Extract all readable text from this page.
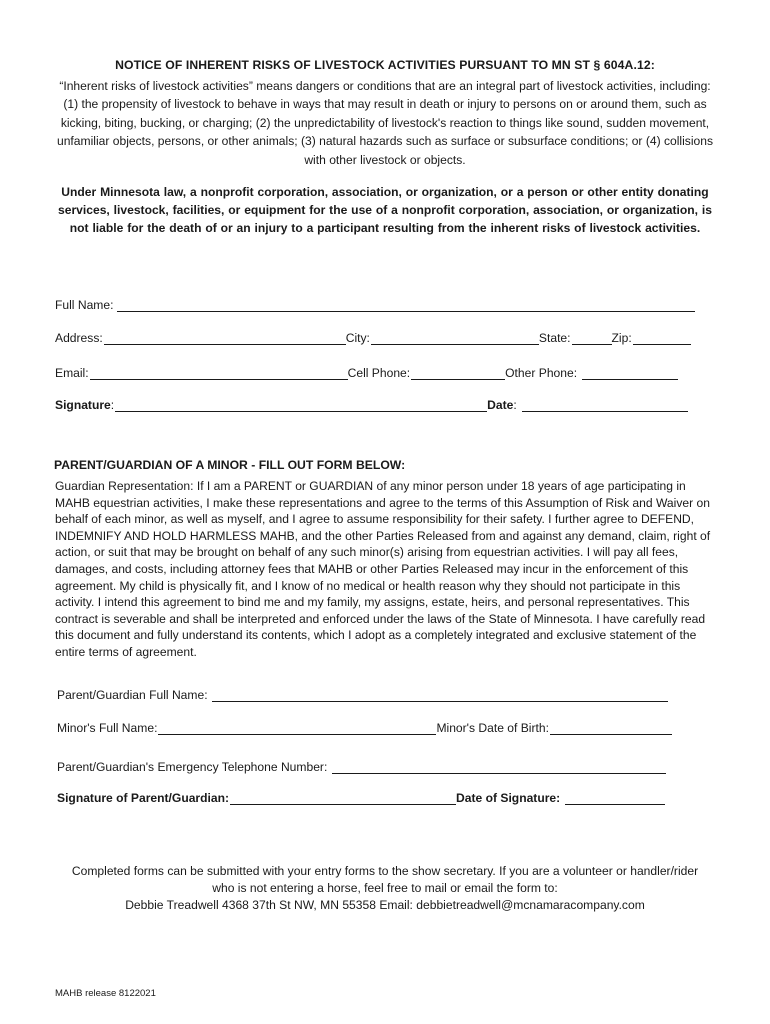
NOTICE OF INHERENT RISKS OF LIVESTOCK ACTIVITIES PURSUANT TO MN ST § 604A.12:
“Inherent risks of livestock activities” means dangers or conditions that are an integral part of livestock activities, including: (1) the propensity of livestock to behave in ways that may result in death or injury to persons on or around them, such as kicking, biting, bucking, or charging; (2) the unpredictability of livestock's reaction to things like sound, sudden movement, unfamiliar objects, persons, or other animals; (3) natural hazards such as surface or subsurface conditions; or (4) collisions with other livestock or objects.
Under Minnesota law, a nonprofit corporation, association, or organization, or a person or other entity donating services, livestock, facilities, or equipment for the use of a nonprofit corporation, association, or organization, is not liable for the death of or an injury to a participant resulting from the inherent risks of livestock activities.
Full Name:
Address:	City:	State:	Zip:
Email:	Cell Phone:	Other Phone:
Signature :	Date :
PARENT/GUARDIAN OF A MINOR - FILL OUT FORM BELOW:
Guardian Representation: If I am a PARENT or GUARDIAN of any minor person under 18 years of age participating in MAHB equestrian activities, I make these representations and agree to the terms of this Assumption of Risk and Waiver on behalf of each minor, as well as myself, and I agree to assume responsibility for their safety. I further agree to DEFEND, INDEMNIFY AND HOLD HARMLESS MAHB, and the other Parties Released from and against any demand, claim, right of action, or suit that may be brought on behalf of any such minor(s) arising from equestrian activities. I will pay all fees, damages, and costs, including attorney fees that MAHB or other Parties Released may incur in the enforcement of this agreement. My child is physically fit, and I know of no medical or health reason why they should not participate in this activity. I intend this agreement to bind me and my family, my assigns, estate, heirs, and personal representatives. This contract is severable and shall be interpreted and enforced under the laws of the State of Minnesota. I have carefully read this document and fully understand its contents, which I adopt as a completely integrated and exclusive statement of the entire terms of agreement.
Parent/Guardian Full Name:
Minor's Full Name:	Minor's Date of Birth:
Parent/Guardian's Emergency Telephone Number:
Signature of Parent/Guardian:	Date of Signature:
Completed forms can be submitted with your entry forms to the show secretary. If you are a volunteer or handler/rider
who is not entering a horse, feel free to mail or email the form to:
Debbie Treadwell 4368 37th St NW, MN 55358 Email: debbietreadwell@mcnamaracompany.com
MAHB release 8122021
